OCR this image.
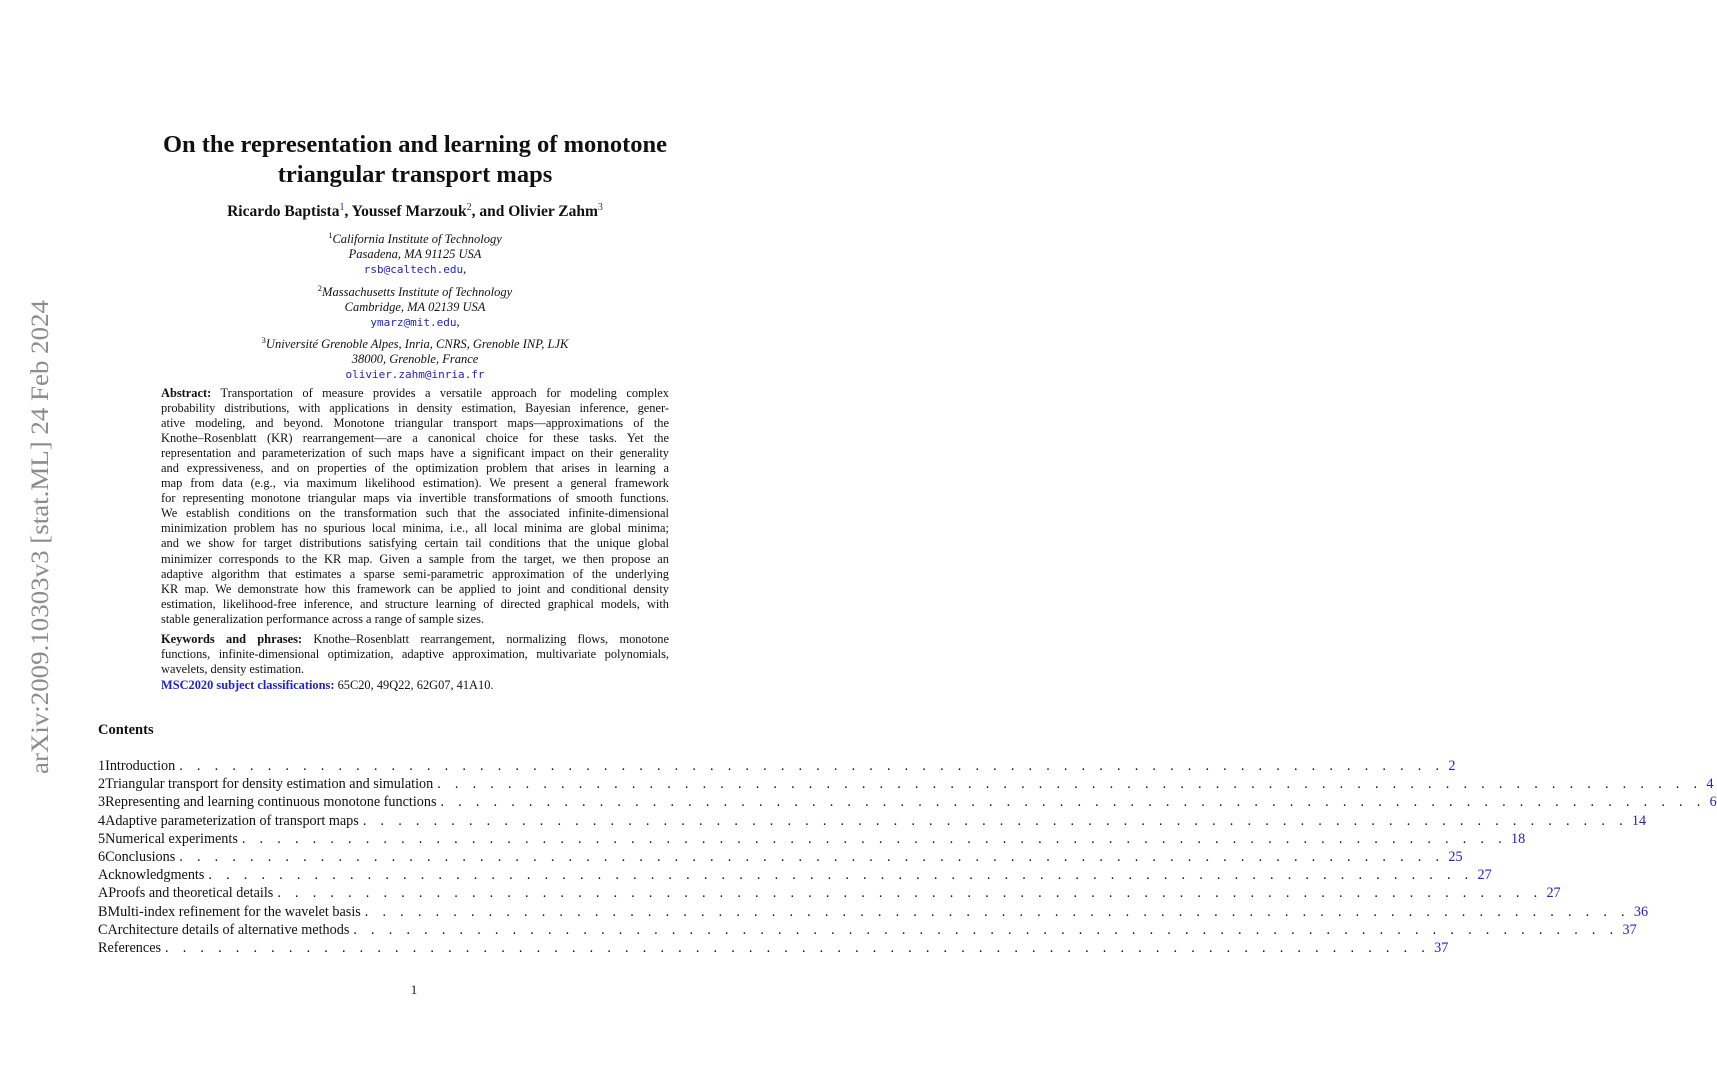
arXiv:2009.10303v3 [stat.ML] 24 Feb 2024
On the representation and learning of monotone
triangular transport maps
Ricardo Baptista$^1$, Youssef Marzouk$^2$, and Olivier Zahm$^3$
$^1$California Institute of Technology
Pasadena, MA 91125 USA
rsb@caltech.edu,
$^2$Massachusetts Institute of Technology
Cambridge, MA 02139 USA
ymarz@mit.edu,
$^3$Université Grenoble Alpes, Inria, CNRS, Grenoble INP, LJK
38000, Grenoble, France
olivier.zahm@inria.fr
Abstract: Transportation of measure provides a versatile approach for modeling complex
probability distributions, with applications in density estimation, Bayesian inference, gener-
ative modeling, and beyond. Monotone triangular transport maps—approximations of the
Knothe–Rosenblatt (KR) rearrangement—are a canonical choice for these tasks. Yet the
representation and parameterization of such maps have a significant impact on their generality
and expressiveness, and on properties of the optimization problem that arises in learning a
map from data (e.g., via maximum likelihood estimation). We present a general framework
for representing monotone triangular maps via invertible transformations of smooth functions.
We establish conditions on the transformation such that the associated infinite-dimensional
minimization problem has no spurious local minima, i.e., all local minima are global minima;
and we show for target distributions satisfying certain tail conditions that the unique global
minimizer corresponds to the KR map. Given a sample from the target, we then propose an
adaptive algorithm that estimates a sparse semi-parametric approximation of the underlying
KR map. We demonstrate how this framework can be applied to joint and conditional density
estimation, likelihood-free inference, and structure learning of directed graphical models, with
stable generalization performance across a range of sample sizes.
Keywords and phrases: Knothe–Rosenblatt rearrangement, normalizing flows, monotone
functions, infinite-dimensional optimization, adaptive approximation, multivariate polynomials,
wavelets, density estimation.
MSC2020 subject classifications: 65C20, 49Q22, 62G07, 41A10.
Contents
1 Introduction . . . . . . . . . . . . . . . . . . . . . . . . . . . . . . . . . . . . . . . . . . . . . . . . . . . . . . . . . . . . . . . . . . . . . . . . 2
2 Triangular transport for density estimation and simulation . . . . . . . . . . . . . . . . . . . . . . . . . . . . . . . . . . . . . . . . . . . . . . . . . . . . . . . . . . . . . . . . . . . . . . . . 4
3 Representing and learning continuous monotone functions . . . . . . . . . . . . . . . . . . . . . . . . . . . . . . . . . . . . . . . . . . . . . . . . . . . . . . . . . . . . . . . . . . . . . . . . 6
4 Adaptive parameterization of transport maps . . . . . . . . . . . . . . . . . . . . . . . . . . . . . . . . . . . . . . . . . . . . . . . . . . . . . . . . . . . . . . . . . . . . . . . . 14
5 Numerical experiments . . . . . . . . . . . . . . . . . . . . . . . . . . . . . . . . . . . . . . . . . . . . . . . . . . . . . . . . . . . . . . . . . . . . . . . . 18
6 Conclusions . . . . . . . . . . . . . . . . . . . . . . . . . . . . . . . . . . . . . . . . . . . . . . . . . . . . . . . . . . . . . . . . . . . . . . . . 25
Acknowledgments . . . . . . . . . . . . . . . . . . . . . . . . . . . . . . . . . . . . . . . . . . . . . . . . . . . . . . . . . . . . . . . . . . . . . . . . 27
A Proofs and theoretical details . . . . . . . . . . . . . . . . . . . . . . . . . . . . . . . . . . . . . . . . . . . . . . . . . . . . . . . . . . . . . . . . . . . . . . . . 27
B Multi-index refinement for the wavelet basis . . . . . . . . . . . . . . . . . . . . . . . . . . . . . . . . . . . . . . . . . . . . . . . . . . . . . . . . . . . . . . . . . . . . . . . . 36
C Architecture details of alternative methods . . . . . . . . . . . . . . . . . . . . . . . . . . . . . . . . . . . . . . . . . . . . . . . . . . . . . . . . . . . . . . . . . . . . . . . . 37
References . . . . . . . . . . . . . . . . . . . . . . . . . . . . . . . . . . . . . . . . . . . . . . . . . . . . . . . . . . . . . . . . . . . . . . . . 37
1
